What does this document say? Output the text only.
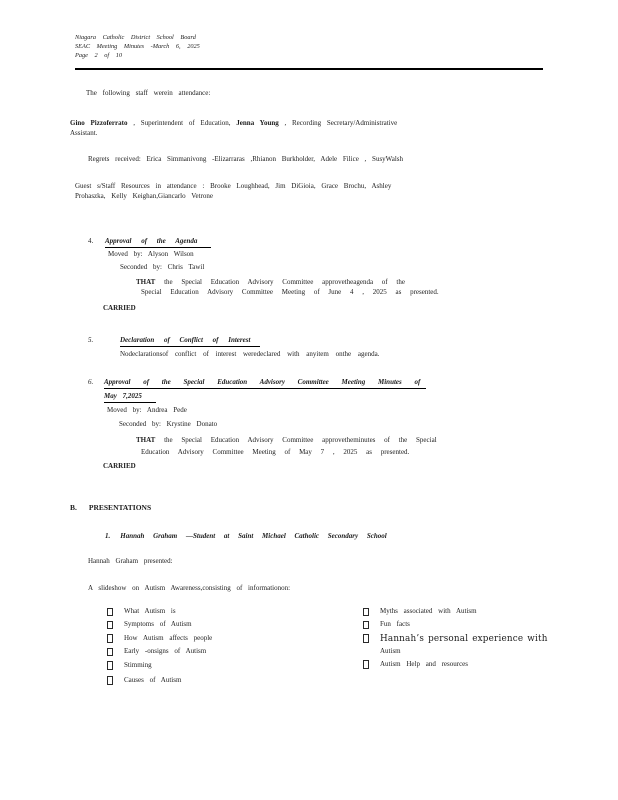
Niagara Catholic District School Board
SEAC Meeting Minutes -March 6, 2025
Page 2 of 10
The following staff werein attendance:
Gino Pizzoferrato , Superintendent of Education, Jenna Young , Recording Secretary/Administrative
Assistant.
Regrets received: Erica Simmanivong -Elizarraras ,Rhianon Burkholder, Adele Filice , SusyWalsh
Guest s/Staff Resources in attendance : Brooke Loughhead, Jim DiGioia, Grace Brochu, Ashley
Prohaszka, Kelly Keighan,Giancarlo Vetrone
4. Approval of the Agenda
Moved by: Alyson Wilson
Seconded by: Chris Tawil
THAT the Special Education Advisory Committee approvetheagenda of the
Special Education Advisory Committee Meeting of June 4 , 2025 as presented.
CARRIED
5.	Declaration of Conflict of Interest
Nodeclarationsof conflict of interest weredeclared with anyitem onthe agenda.
6. Approval of the Special Education Advisory Committee Meeting Minutes of
May 7,2025
Moved by: Andrea Pede
Seconded by: Krystine Donato
THAT the Special Education Advisory Committee approvetheminutes of the Special
Education Advisory Committee Meeting of May 7 , 2025 as presented.
CARRIED
B. PRESENTATIONS
1. Hannah Graham —Student at Saint Michael Catholic Secondary School
Hannah Graham presented:
A slideshow on Autism Awareness,consisting of informationon:
What Autism is
Symptoms of Autism
How Autism affects people
Early -onsigns of Autism
Stimming
Causes of Autism
Myths associated with Autism
Fun facts
Hannah’s personal experience with
Autism
Autism Help and resources
